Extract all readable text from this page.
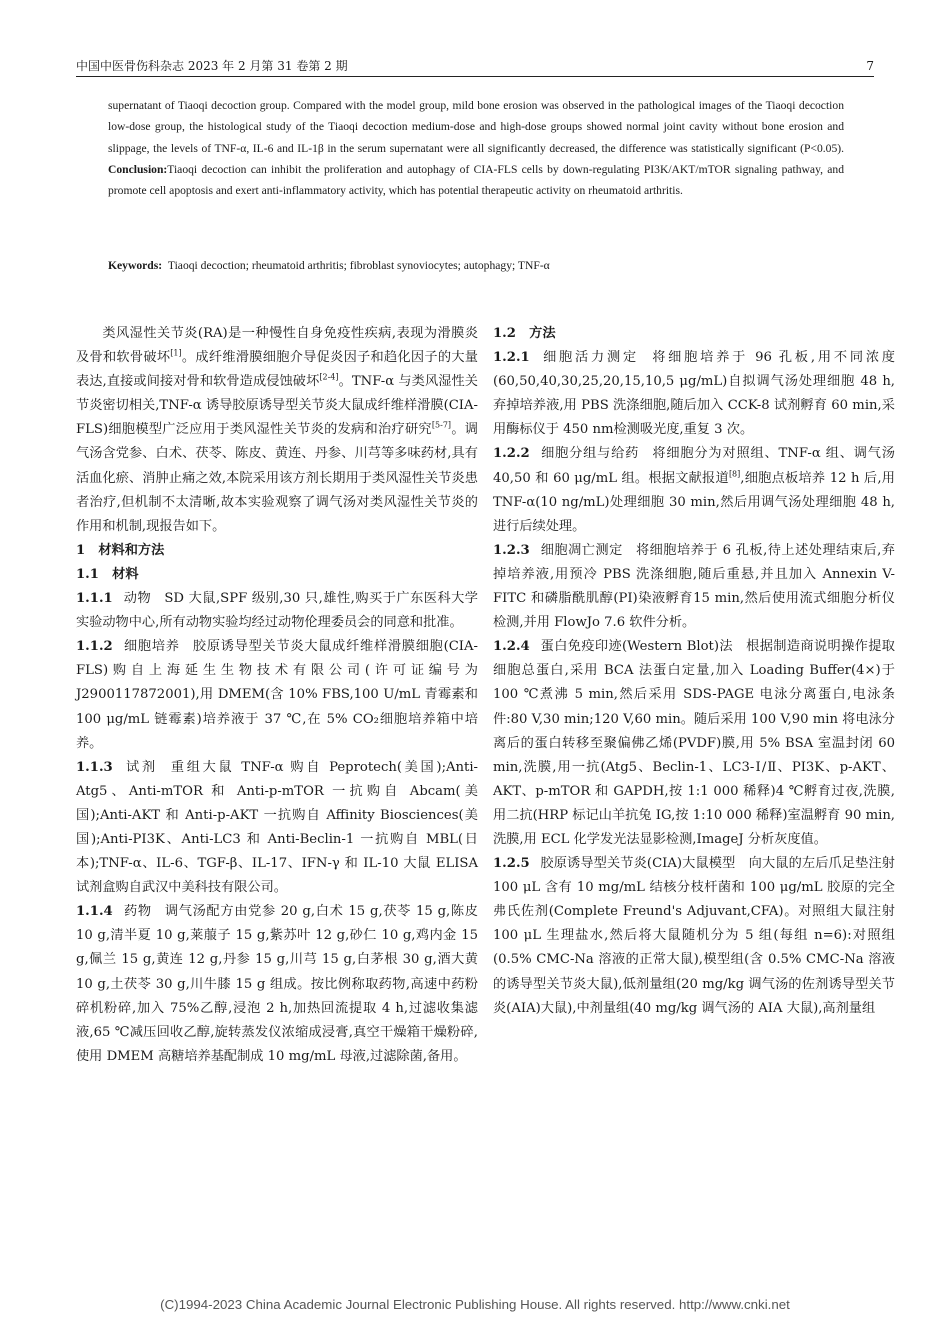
中国中医骨伤科杂志 2023 年 2 月第 31 卷第 2 期	7
supernatant of Tiaoqi decoction group. Compared with the model group, mild bone erosion was observed in the pathological images of the Tiaoqi decoction low-dose group, the histological study of the Tiaoqi decoction medium-dose and high-dose groups showed normal joint cavity without bone erosion and slippage, the levels of TNF-α, IL-6 and IL-1β in the serum supernatant were all significantly decreased, the difference was statistically significant (P<0.05). Conclusion:Tiaoqi decoction can inhibit the proliferation and autophagy of CIA-FLS cells by down-regulating PI3K/AKT/mTOR signaling pathway, and promote cell apoptosis and exert anti-inflammatory activity, which has potential therapeutic activity on rheumatoid arthritis.
Keywords: Tiaoqi decoction; rheumatoid arthritis; fibroblast synoviocytes; autophagy; TNF-α

类风湿性关节炎(RA)是一种慢性自身免疫性疾病,表现为滑膜炎及骨和软骨破坏[1]。成纤维滑膜细胞介导促炎因子和趋化因子的大量表达,直接或间接对骨和软骨造成侵蚀破坏[2-4]。TNF-α 与类风湿性关节炎密切相关,TNF-α 诱导胶原诱导型关节炎大鼠成纤维样滑膜(CIA-FLS)细胞模型广泛应用于类风湿性关节炎的发病和治疗研究[5-7]。调气汤含党参、白术、茯苓、陈皮、黄连、丹参、川芎等多味药材,具有活血化瘀、消肿止痛之效,本院采用该方剂长期用于类风湿性关节炎患者治疗,但机制不太清晰,故本实验观察了调气汤对类风湿性关节炎的作用和机制,现报告如下。

1　材料和方法

1.1　材料

1.1.1 动物 SD 大鼠,SPF 级别,30 只,雄性,购买于广东医科大学实验动物中心,所有动物实验均经过动物伦理委员会的同意和批准。

1.1.2 细胞培养 胶原诱导型关节炎大鼠成纤维样滑膜细胞(CIA-FLS)购自上海延生生物技术有限公司(许可证编号为 J2900117872001),用 DMEM(含 10% FBS,100 U/mL 青霉素和 100 μg/mL 链霉素)培养液于 37 ℃,在 5% CO₂细胞培养箱中培养。

1.1.3 试剂 重组大鼠 TNF-α 购自 Peprotech(美国);Anti-Atg5、Anti-mTOR 和 Anti-p-mTOR 一抗购自 Abcam(美国);Anti-AKT 和 Anti-p-AKT 一抗购自 Affinity Biosciences(美国);Anti-PI3K、Anti-LC3 和 Anti-Beclin-1 一抗购自 MBL(日本);TNF-α、IL-6、TGF-β、IL-17、IFN-γ 和 IL-10 大鼠 ELISA 试剂盒购自武汉中美科技有限公司。

1.1.4 药物 调气汤配方由党参 20 g,白术 15 g,茯苓 15 g,陈皮 10 g,清半夏 10 g,莱菔子 15 g,紫苏叶 12 g,砂仁 10 g,鸡内金 15 g,佩兰 15 g,黄连 12 g,丹参 15 g,川芎 15 g,白茅根 30 g,酒大黄 10 g,土茯苓 30 g,川牛膝 15 g 组成。按比例称取药物,高速中药粉碎机粉碎,加入 75%乙醇,浸泡 2 h,加热回流提取 4 h,过滤收集滤液,65 ℃减压回收乙醇,旋转蒸发仪浓缩成浸膏,真空干燥箱干燥粉碎,使用 DMEM 高糖培养基配制成 10 mg/mL 母液,过滤除菌,备用。

1.2　方法

1.2.1 细胞活力测定 将细胞培养于 96 孔板,用不同浓度(60,50,40,30,25,20,15,10,5 μg/mL)自拟调气汤处理细胞 48 h,弃掉培养液,用 PBS 洗涤细胞,随后加入 CCK-8 试剂孵育 60 min,采用酶标仪于 450 nm检测吸光度,重复 3 次。

1.2.2 细胞分组与给药 将细胞分为对照组、TNF-α 组、调气汤 40,50 和 60 μg/mL 组。根据文献报道[8],细胞点板培养 12 h 后,用 TNF-α(10 ng/mL)处理细胞 30 min,然后用调气汤处理细胞 48 h,进行后续处理。

1.2.3 细胞凋亡测定 将细胞培养于 6 孔板,待上述处理结束后,弃掉培养液,用预冷 PBS 洗涤细胞,随后重悬,并且加入 Annexin V-FITC 和磷脂酰肌醇(PI)染液孵育15 min,然后使用流式细胞分析仪检测,并用 FlowJo 7.6 软件分析。

1.2.4 蛋白免疫印迹(Western Blot)法 根据制造商说明操作提取细胞总蛋白,采用 BCA 法蛋白定量,加入 Loading Buffer(4×)于 100 ℃煮沸 5 min,然后采用 SDS-PAGE 电泳分离蛋白,电泳条件:80 V,30 min;120 V,60 min。随后采用 100 V,90 min 将电泳分离后的蛋白转移至聚偏佛乙烯(PVDF)膜,用 5% BSA 室温封闭 60 min,洗膜,用一抗(Atg5、Beclin-1、LC3-Ⅰ/Ⅱ、PI3K、p-AKT、AKT、p-mTOR 和 GAPDH,按 1:1 000 稀释)4 ℃孵育过夜,洗膜,用二抗(HRP 标记山羊抗兔 IG,按 1:10 000 稀释)室温孵育 90 min,洗膜,用 ECL 化学发光法显影检测,ImageJ 分析灰度值。

1.2.5 胶原诱导型关节炎(CIA)大鼠模型 向大鼠的左后爪足垫注射 100 μL 含有 10 mg/mL 结核分枝杆菌和 100 μg/mL 胶原的完全弗氏佐剂(Complete Freund's Adjuvant,CFA)。对照组大鼠注射 100 μL 生理盐水,然后将大鼠随机分为 5 组(每组 n=6):对照组(0.5% CMC-Na 溶液的正常大鼠),模型组(含 0.5% CMC-Na 溶液的诱导型关节炎大鼠),低剂量组(20 mg/kg 调气汤的佐剂诱导型关节炎(AIA)大鼠),中剂量组(40 mg/kg 调气汤的 AIA 大鼠),高剂量组

(C)1994-2023 China Academic Journal Electronic Publishing House. All rights reserved. http://www.cnki.net
